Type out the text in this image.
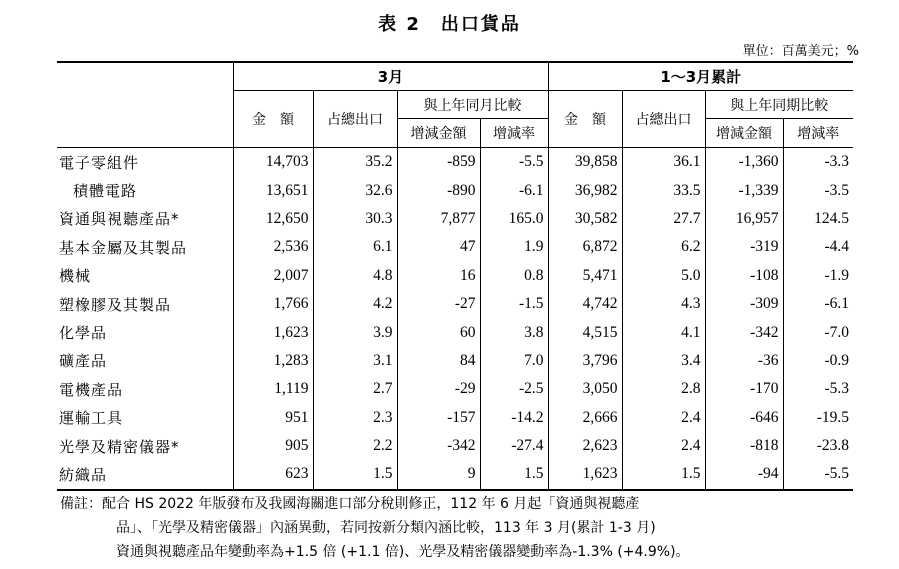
表 2　出口貨品
單位：百萬美元；%
	3月				1～3月累計			
	金　額	占總出口	與上年同月比較		金　額	占總出口	與上年同期比較	
			增減金額	增減率			增減金額	增減率
電子零組件	14,703	35.2	-859	-5.5	39,858	36.1	-1,360	-3.3
積體電路	13,651	32.6	-890	-6.1	36,982	33.5	-1,339	-3.5
資通與視聽產品*	12,650	30.3	7,877	165.0	30,582	27.7	16,957	124.5
基本金屬及其製品	2,536	6.1	47	1.9	6,872	6.2	-319	-4.4
機械	2,007	4.8	16	0.8	5,471	5.0	-108	-1.9
塑橡膠及其製品	1,766	4.2	-27	-1.5	4,742	4.3	-309	-6.1
化學品	1,623	3.9	60	3.8	4,515	4.1	-342	-7.0
礦產品	1,283	3.1	84	7.0	3,796	3.4	-36	-0.9
電機產品	1,119	2.7	-29	-2.5	3,050	2.8	-170	-5.3
運輸工具	951	2.3	-157	-14.2	2,666	2.4	-646	-19.5
光學及精密儀器*	905	2.2	-342	-27.4	2,623	2.4	-818	-23.8
紡織品	623	1.5	9	1.5	1,623	1.5	-94	-5.5
備註：配合 HS 2022 年版發布及我國海關進口部分稅則修正，112 年 6 月起「資通與視聽產
品」、「光學及精密儀器」內涵異動，若同按新分類內涵比較，113 年 3 月(累計 1-3 月)
資通與視聽產品年變動率為+1.5 倍 (+1.1 倍)、光學及精密儀器變動率為-1.3% (+4.9%)。
